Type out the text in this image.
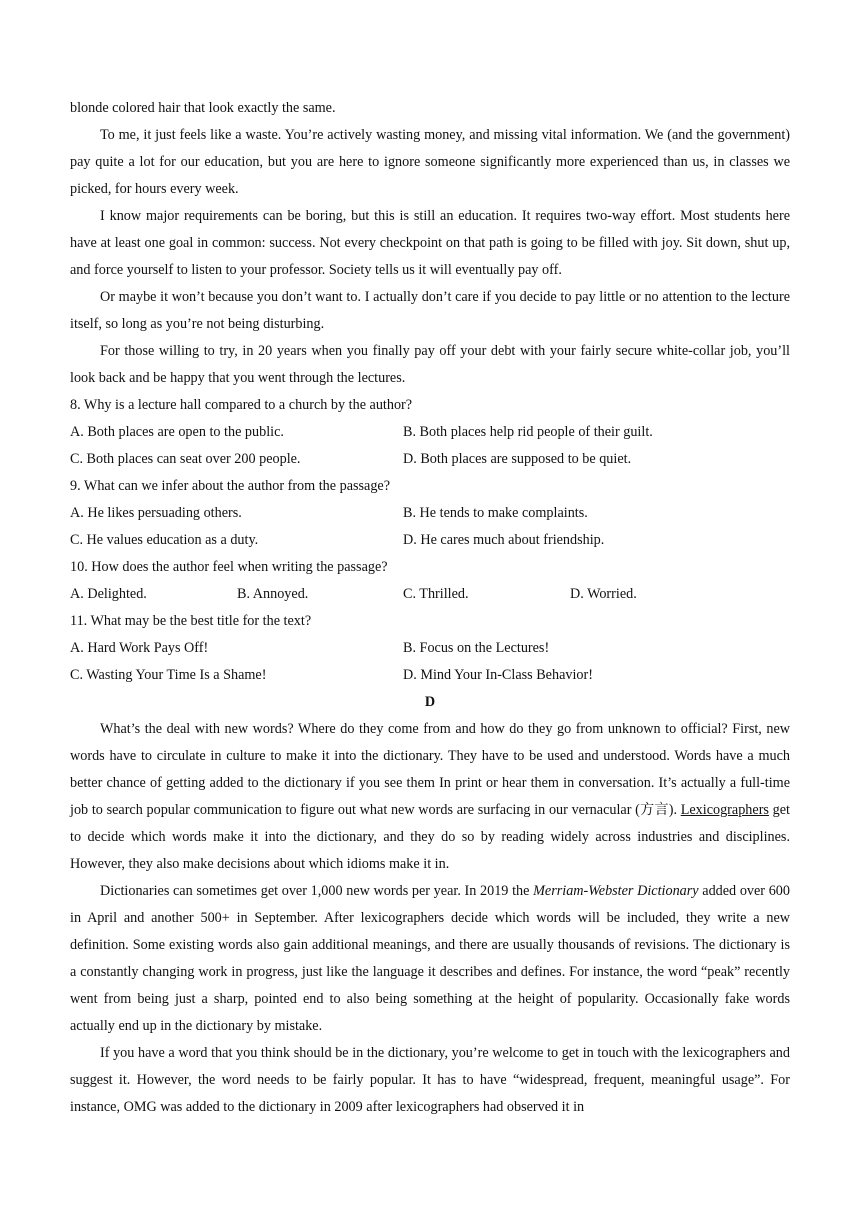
blonde colored hair that look exactly the same.

To me, it just feels like a waste. You’re actively wasting money, and missing vital information. We (and the government) pay quite a lot for our education, but you are here to ignore someone significantly more experienced than us, in classes we picked, for hours every week.

I know major requirements can be boring, but this is still an education. It requires two-way effort. Most students here have at least one goal in common: success. Not every checkpoint on that path is going to be filled with joy. Sit down, shut up, and force yourself to listen to your professor. Society tells us it will eventually pay off.

Or maybe it won’t because you don’t want to. I actually don’t care if you decide to pay little or no attention to the lecture itself, so long as you’re not being disturbing.

For those willing to try, in 20 years when you finally pay off your debt with your fairly secure white-collar job, you’ll look back and be happy that you went through the lectures.

8. Why is a lecture hall compared to a church by the author?

A. Both places are open to the public.	B. Both places help rid people of their guilt.
C. Both places can seat over 200 people.	D. Both places are supposed to be quiet.

9. What can we infer about the author from the passage?

A. He likes persuading others.	B. He tends to make complaints.
C. He values education as a duty.	D. He cares much about friendship.

10. How does the author feel when writing the passage?

A. Delighted.	B. Annoyed.	C. Thrilled.	D. Worried.

11. What may be the best title for the text?

A. Hard Work Pays Off!	B. Focus on the Lectures!
C. Wasting Your Time Is a Shame!	D. Mind Your In-Class Behavior!

D

What’s the deal with new words? Where do they come from and how do they go from unknown to official? First, new words have to circulate in culture to make it into the dictionary. They have to be used and understood. Words have a much better chance of getting added to the dictionary if you see them In print or hear them in conversation. It’s actually a full-time job to search popular communication to figure out what new words are surfacing in our vernacular (方言). Lexicographers get to decide which words make it into the dictionary, and they do so by reading widely across industries and disciplines. However, they also make decisions about which idioms make it in.

Dictionaries can sometimes get over 1,000 new words per year. In 2019 the Merriam-Webster Dictionary added over 600 in April and another 500+ in September. After lexicographers decide which words will be included, they write a new definition. Some existing words also gain additional meanings, and there are usually thousands of revisions. The dictionary is a constantly changing work in progress, just like the language it describes and defines. For instance, the word “peak” recently went from being just a sharp, pointed end to also being something at the height of popularity. Occasionally fake words actually end up in the dictionary by mistake.

If you have a word that you think should be in the dictionary, you’re welcome to get in touch with the lexicographers and suggest it. However, the word needs to be fairly popular. It has to have “widespread, frequent, meaningful usage”. For instance, OMG was added to the dictionary in 2009 after lexicographers had observed it in
